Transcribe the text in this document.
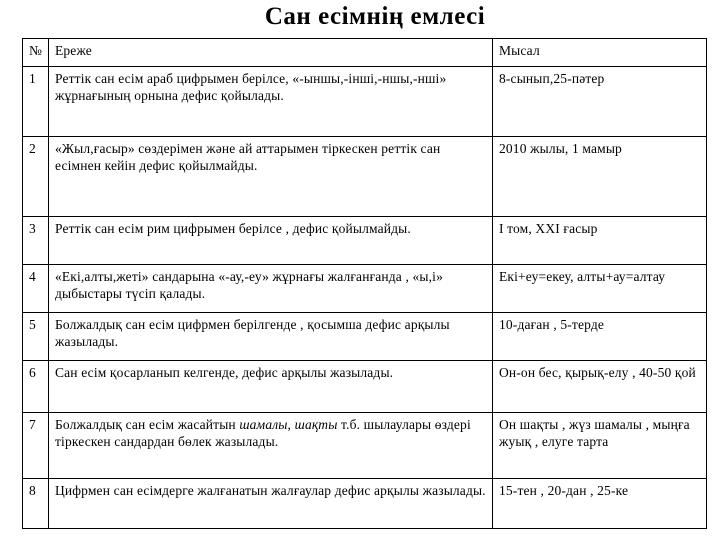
Сан есімнің емлесі
№	Ереже	Мысал
1	Реттік сан есім араб цифрымен берілсе, «-ыншы,-інші,-ншы,-нші» жұрнағының орнына дефис қойылады.	8-сынып,25-пәтер
2	«Жыл,ғасыр» сөздерімен және ай аттарымен тіркескен реттік сан есімнен кейін дефис қойылмайды.	2010 жылы, 1 мамыр
3	Реттік сан есім рим цифрымен берілсе , дефис қойылмайды.	I том, XXI ғасыр
4	«Екі,алты,жеті» сандарына «-ау,-еу» жұрнағы жалғанғанда , «ы,і» дыбыстары түсіп қалады.	Екі+еу=екеу, алты+ау=алтау
5	Болжалдық сан есім цифрмен берілгенде , қосымша дефис арқылы жазылады.	10-даған , 5-терде
6	Сан есім қосарланып келгенде, дефис арқылы жазылады.	Он-он бес, қырық-елу , 40-50 қой
7	Болжалдық сан есім жасайтын шамалы, шақты т.б. шылаулары өздері тіркескен сандардан бөлек жазылады.	Он шақты , жүз шамалы , мыңға жуық , елуге тарта
8	Цифрмен сан есімдерге жалғанатын жалғаулар дефис арқылы жазылады.	15-тен , 20-дан , 25-ке
